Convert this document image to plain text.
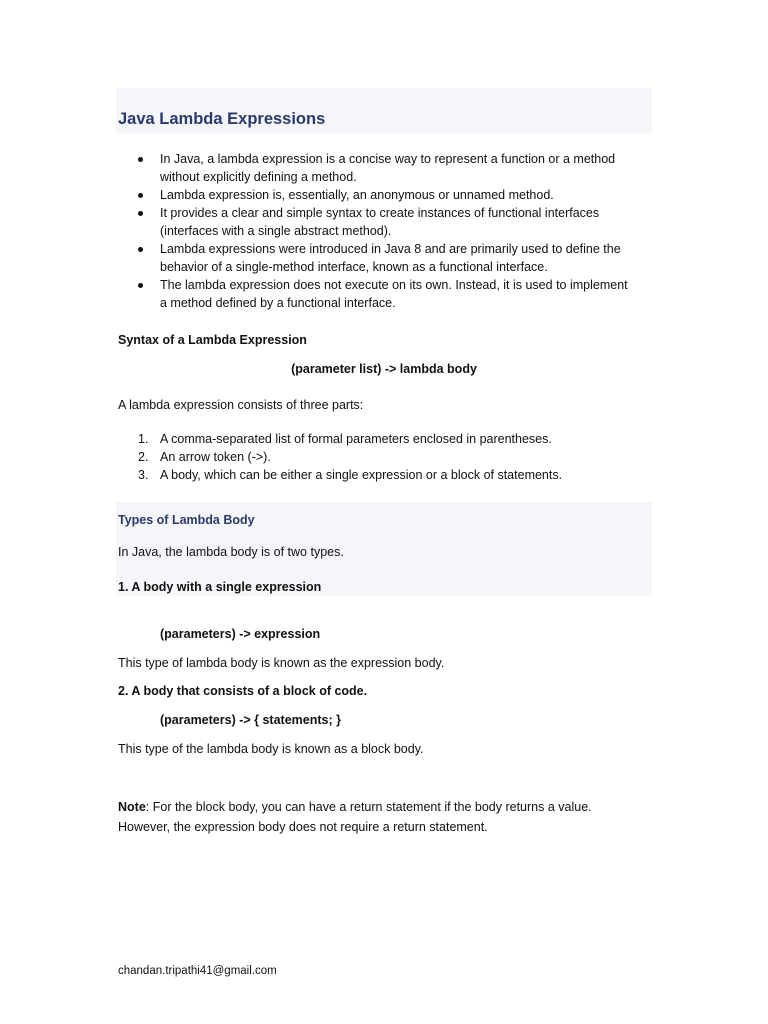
Java Lambda Expressions
In Java, a lambda expression is a concise way to represent a function or a method
without explicitly defining a method.
Lambda expression is, essentially, an anonymous or unnamed method.
It provides a clear and simple syntax to create instances of functional interfaces
(interfaces with a single abstract method).
Lambda expressions were introduced in Java 8 and are primarily used to define the
behavior of a single-method interface, known as a functional interface.
The lambda expression does not execute on its own. Instead, it is used to implement
a method defined by a functional interface.
Syntax of a Lambda Expression
(parameter list) -> lambda body
A lambda expression consists of three parts:
1. A comma-separated list of formal parameters enclosed in parentheses.
2. An arrow token (->).
3. A body, which can be either a single expression or a block of statements.
Types of Lambda Body
In Java, the lambda body is of two types.
1. A body with a single expression
(parameters) -> expression
This type of lambda body is known as the expression body.
2. A body that consists of a block of code.
(parameters) -> { statements; }
This type of the lambda body is known as a block body.
Note: For the block body, you can have a return statement if the body returns a value.
However, the expression body does not require a return statement.
chandan.tripathi41@gmail.com
